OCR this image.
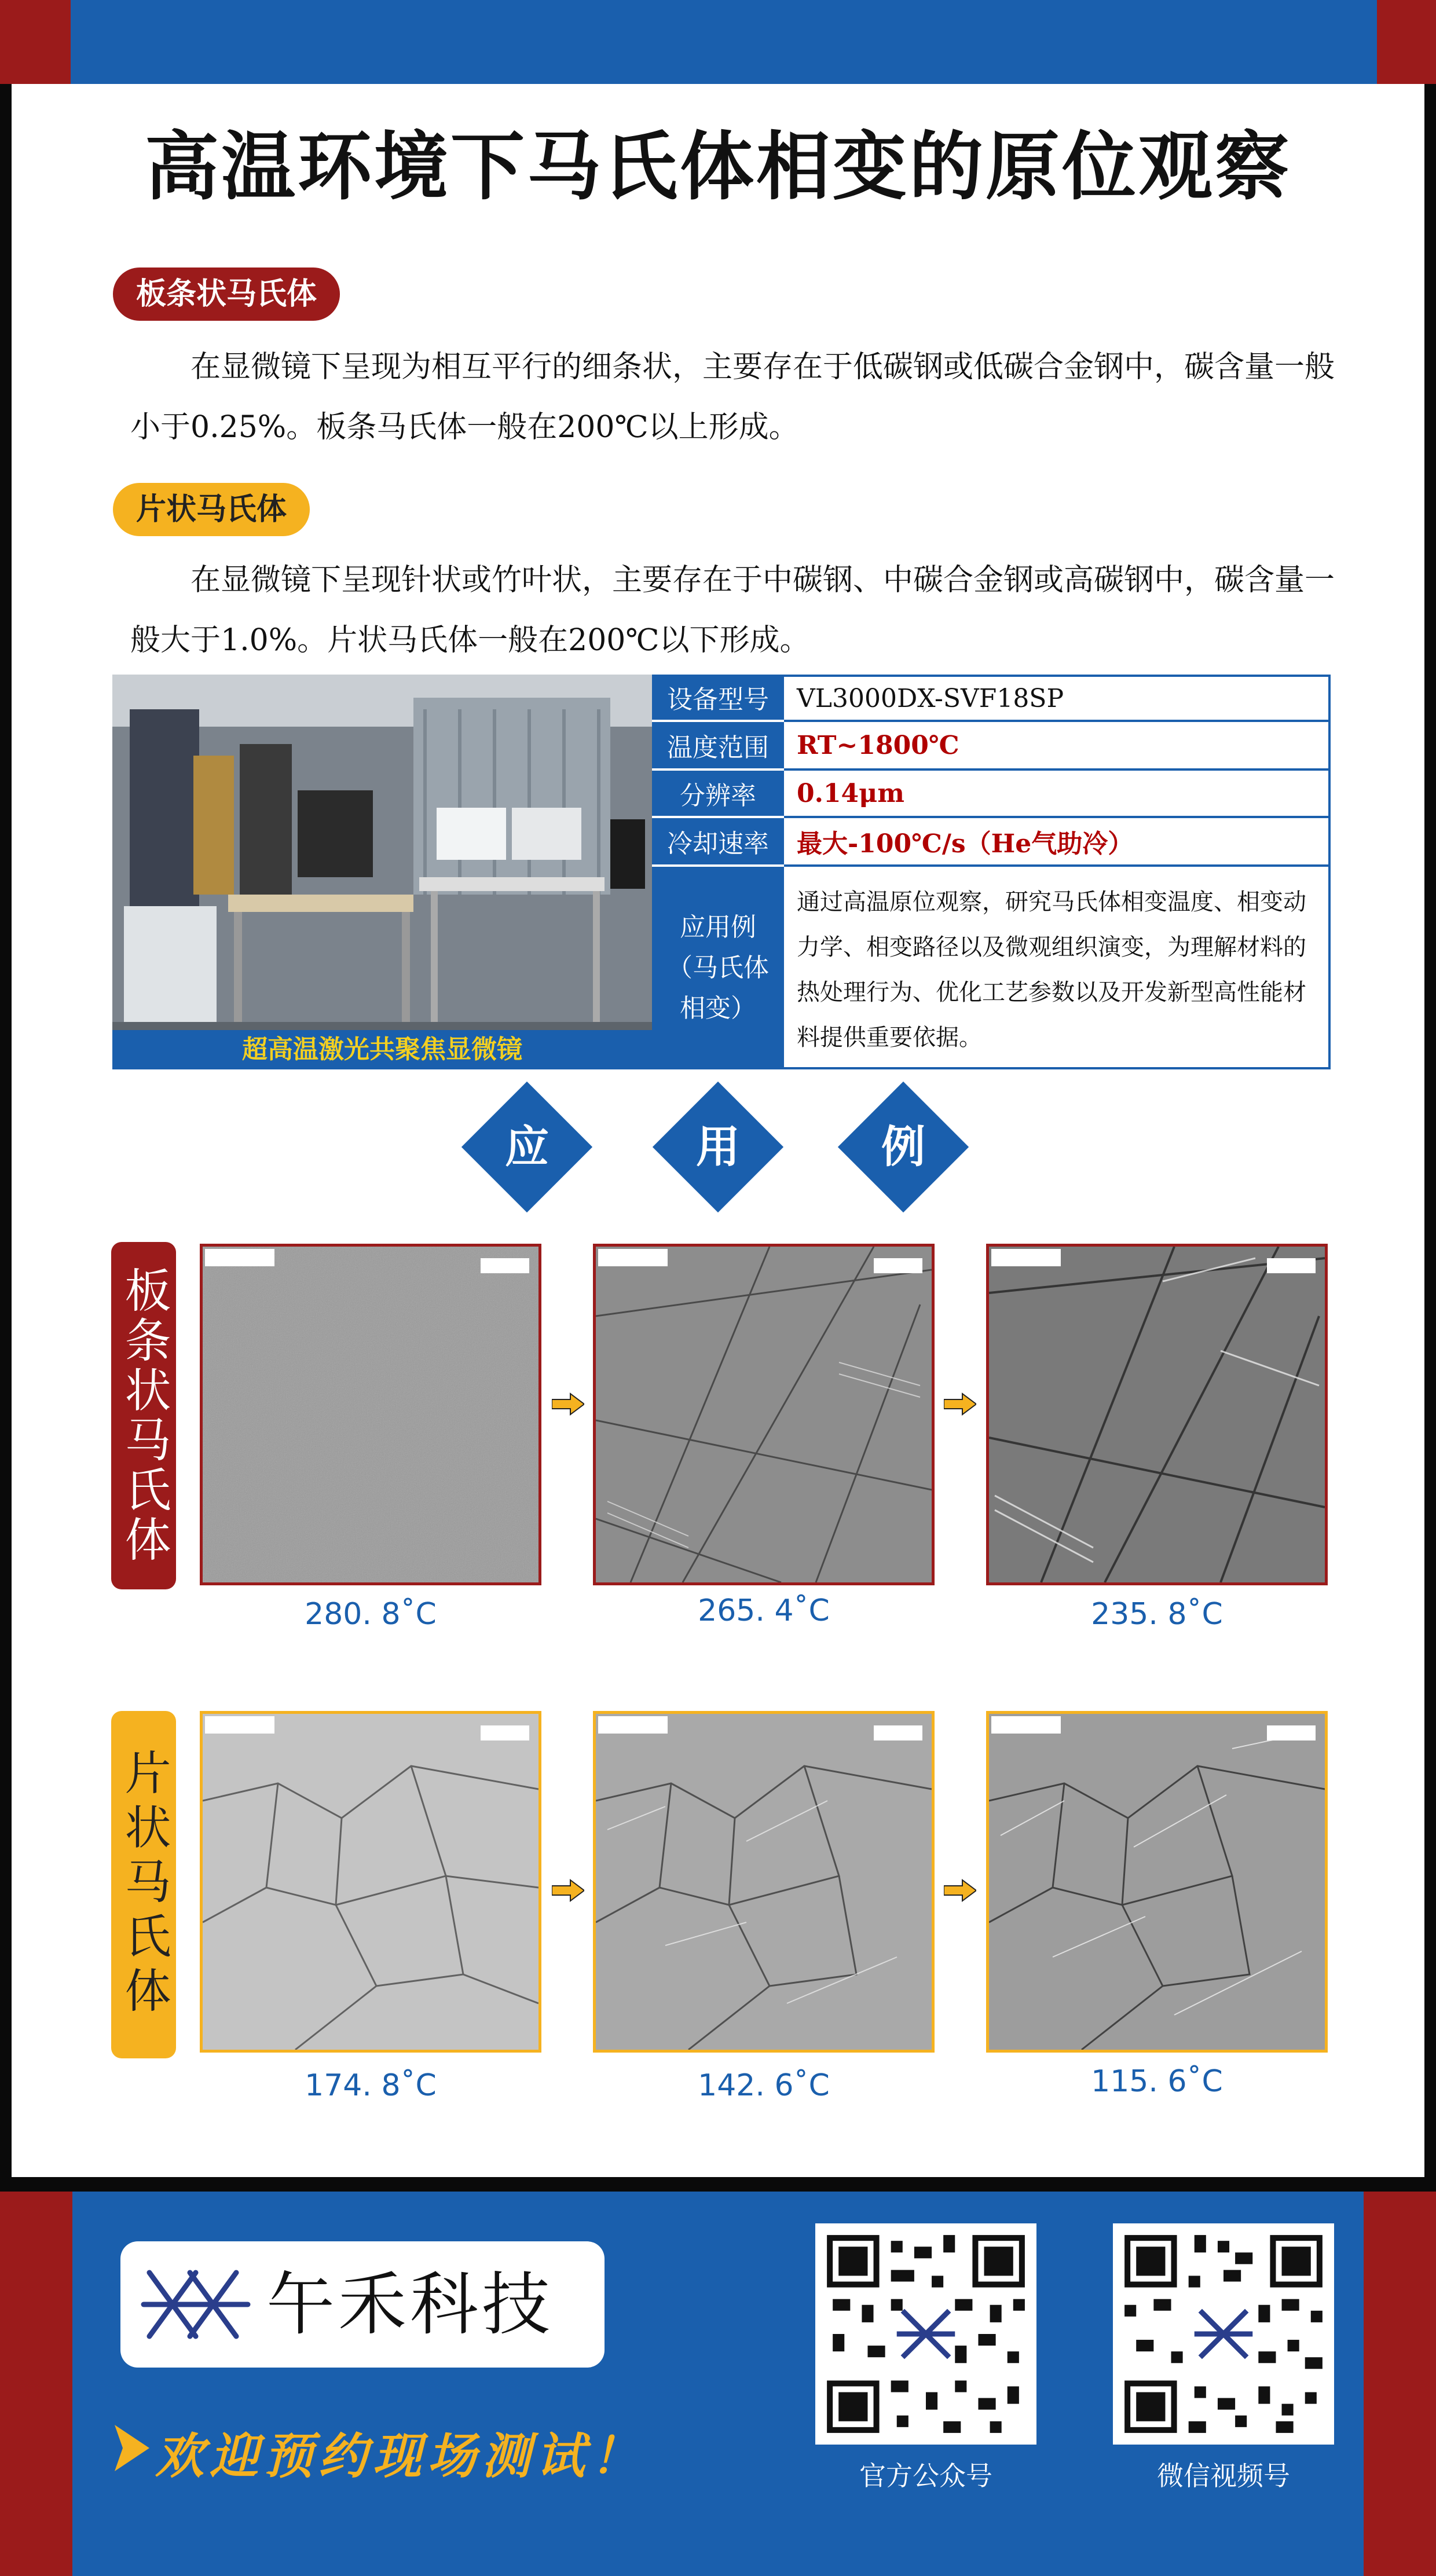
高温环境下马氏体相变的原位观察
板条状马氏体
在显微镜下呈现为相互平行的细条状，主要存在于低碳钢或低碳合金钢中，碳含量一般小于0.25%。板条马氏体一般在200℃以上形成。
片状马氏体
在显微镜下呈现针状或竹叶状，主要存在于中碳钢、中碳合金钢或高碳钢中，碳含量一般大于1.0%。片状马氏体一般在200℃以下形成。
超高温激光共聚焦显微镜
设备型号	VL3000DX-SVF18SP
温度范围	RT~1800℃
分辨率	0.14μm
冷却速率	最大-100℃/s（He气助冷）
应用例
（马氏体
相变）
通过高温原位观察，研究马氏体相变温度、相变动力学、相变路径以及微观组织演变，为理解材料的热处理行为、优化工艺参数以及开发新型高性能材料提供重要依据。
应	用	例
板条状马氏体
片状马氏体
280. 8˚C	265. 4˚C	235. 8˚C
174. 8˚C	142. 6˚C	115. 6˚C
午禾科技
欢迎预约现场测试！	官方公众号	微信视频号
